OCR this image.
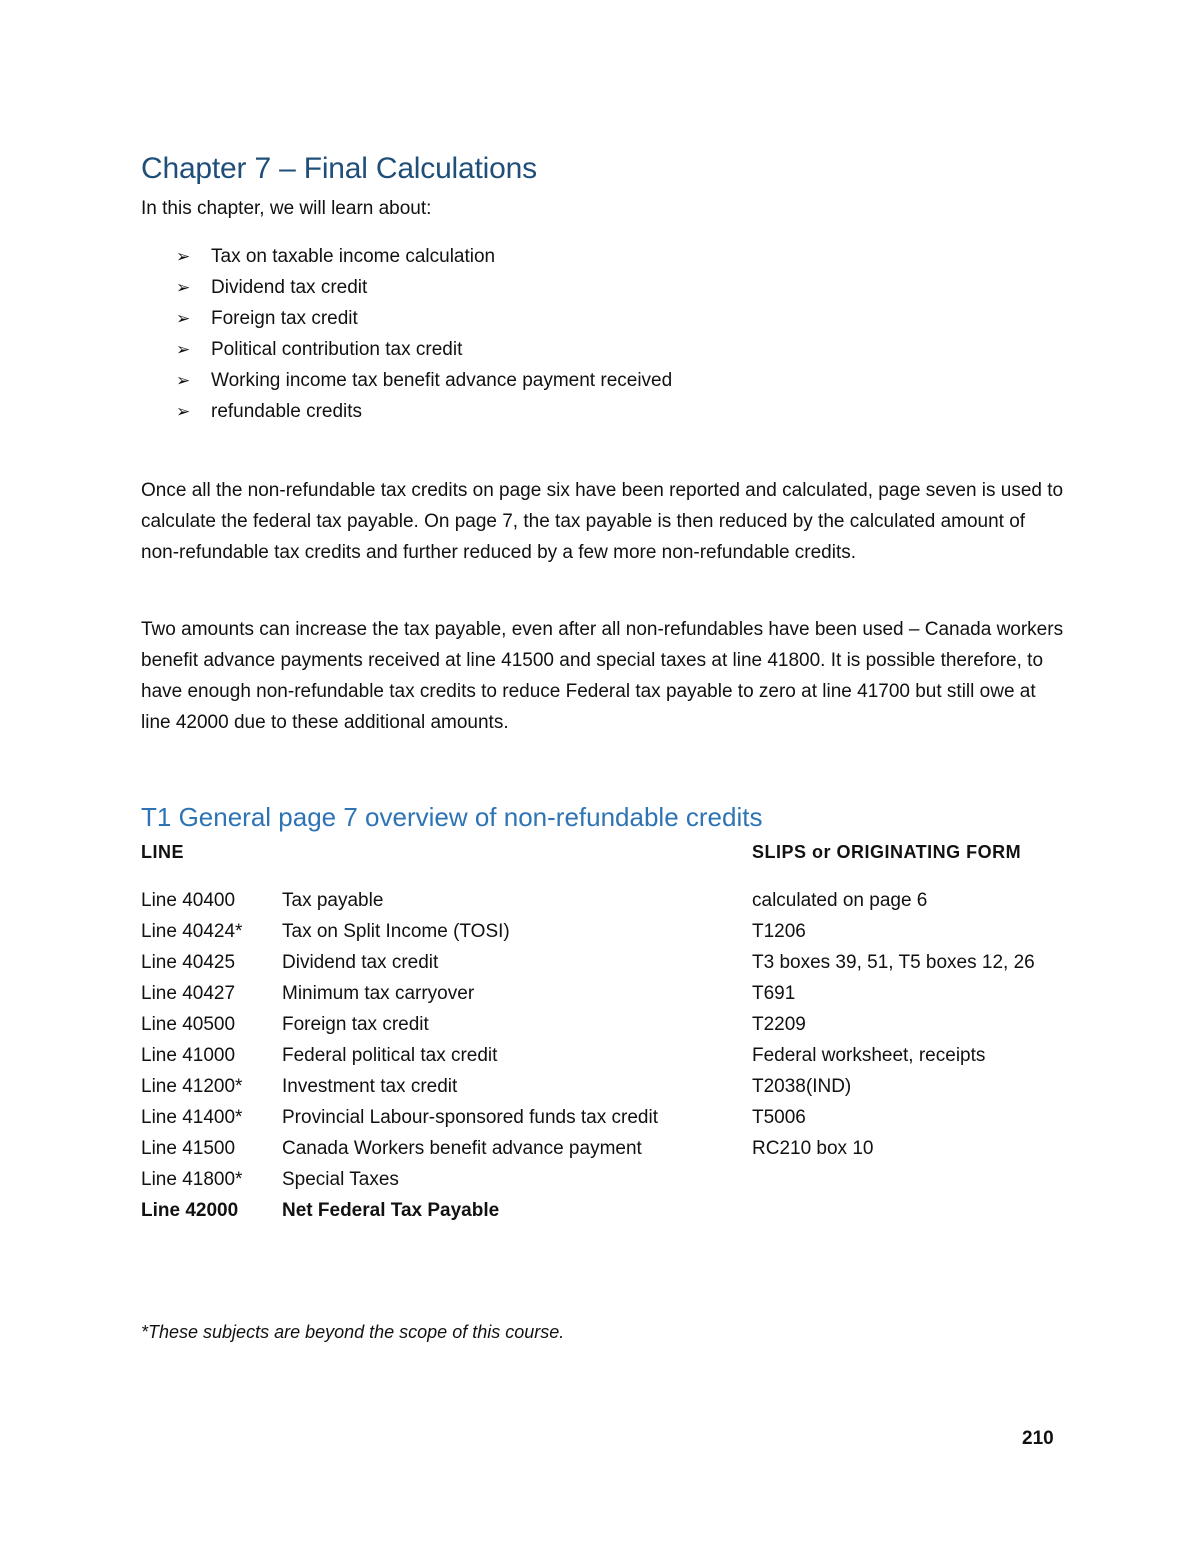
Chapter 7 – Final Calculations

In this chapter, we will learn about:

➢ Tax on taxable income calculation
➢ Dividend tax credit
➢ Foreign tax credit
➢ Political contribution tax credit
➢ Working income tax benefit advance payment received
➢ refundable credits

Once all the non-refundable tax credits on page six have been reported and calculated, page seven is used to calculate the federal tax payable. On page 7, the tax payable is then reduced by the calculated amount of non-refundable tax credits and further reduced by a few more non-refundable credits.

Two amounts can increase the tax payable, even after all non-refundables have been used – Canada workers benefit advance payments received at line 41500 and special taxes at line 41800. It is possible therefore, to have enough non-refundable tax credits to reduce Federal tax payable to zero at line 41700 but still owe at line 42000 due to these additional amounts.

T1 General page 7 overview of non-refundable credits
LINE	SLIPS or ORIGINATING FORM
Line 40400 Tax payable	calculated on page 6
Line 40424* Tax on Split Income (TOSI)	T1206
Line 40425 Dividend tax credit	T3 boxes 39, 51, T5 boxes 12, 26
Line 40427 Minimum tax carryover	T691
Line 40500 Foreign tax credit	T2209
Line 41000 Federal political tax credit	Federal worksheet, receipts
Line 41200* Investment tax credit	T2038(IND)
Line 41400* Provincial Labour-sponsored funds tax credit	T5006
Line 41500 Canada Workers benefit advance payment	RC210 box 10
Line 41800* Special Taxes
Line 42000 Net Federal Tax Payable

*These subjects are beyond the scope of this course.

210
